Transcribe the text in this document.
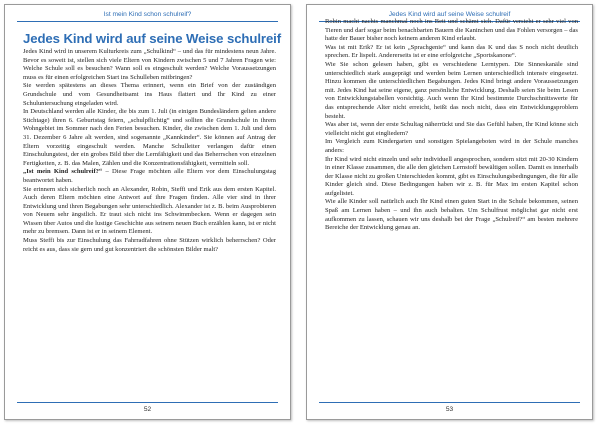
Ist mein Kind schon schulreif?
Jedes Kind wird auf seine Weise schulreif

Jedes Kind wird in unserem Kulturkreis zum „Schulkind“ – und das für mindestens neun Jahre. Bevor es soweit ist, stellen sich viele Eltern von Kindern zwischen 5 und 7 Jahren Fragen wie: Welche Schule soll es besuchen? Wann soll es eingeschult werden? Welche Voraussetzungen muss es für einen erfolgreichen Start ins Schulleben mitbringen?

Sie werden spätestens an dieses Thema erinnert, wenn ein Brief von der zuständigen Grundschule und vom Gesundheitsamt ins Haus flattert und Ihr Kind zu einer Schuluntersuchung eingeladen wird.

In Deutschland werden alle Kinder, die bis zum 1. Juli (in einigen Bundesländern gelten andere Stichtage) ihren 6. Geburtstag feiern, „schulpflichtig“ und sollten die Grundschule in ihrem Wohngebiet im Sommer nach den Ferien besuchen. Kinder, die zwischen dem 1. Juli und dem 31. Dezember 6 Jahre alt werden, sind sogenannte „Kannkinder“. Sie können auf Antrag der Eltern vorzeitig eingeschult werden. Manche Schulleiter verlangen dafür einen Einschulungstest, der ein grobes Bild über die Lernfähigkeit und das Beherrschen von einzelnen Fertigkeiten, z. B. das Malen, Zählen und die Konzentrationsfähigkeit, vermitteln soll.

„Ist mein Kind schulreif?“ – Diese Frage möchten alle Eltern vor dem Einschulungstag beantwortet haben.

Sie erinnern sich sicherlich noch an Alexander, Robin, Steffi und Erik aus dem ersten Kapitel. Auch deren Eltern möchten eine Antwort auf ihre Fragen finden. Alle vier sind in ihrer Entwicklung und ihren Begabungen sehr unterschiedlich. Alexander ist z. B. beim Ausprobieren von Neuem sehr ängstlich. Er traut sich nicht ins Schwimmbecken. Wenn er dagegen sein Wissen über Autos und die lustige Geschichte aus seinem neuen Buch erzählen kann, ist er nicht mehr zu bremsen. Dann ist er in seinem Element.

Muss Steffi bis zur Einschulung das Fahrradfahren ohne Stützen wirklich beherrschen? Oder reicht es aus, dass sie gern und gut konzentriert die schönsten Bilder malt?

52
Jedes Kind wird auf seine Weise schulreif

Robin macht nachts manchmal noch ins Bett und schämt sich. Dafür versteht er sehr viel von Tieren und darf sogar beim benachbarten Bauern die Kaninchen und das Fohlen versorgen – das hatte der Bauer bisher noch keinem anderen Kind erlaubt.

Was ist mit Erik? Er ist kein „Sprachgenie“ und kann das K und das S noch nicht deutlich sprechen. Er lispelt. Andererseits ist er eine erfolgreiche „Sportskanone“.

Wie Sie schon gelesen haben, gibt es verschiedene Lerntypen. Die Sinneskanäle sind unterschiedlich stark ausgeprägt und werden beim Lernen unterschiedlich intensiv eingesetzt. Hinzu kommen die unterschiedlichen Begabungen. Jedes Kind bringt andere Voraussetzungen mit. Jedes Kind hat seine eigene, ganz persönliche Entwicklung. Deshalb seien Sie beim Lesen von Entwicklungstabellen vorsichtig. Auch wenn Ihr Kind bestimmte Durchschnittswerte für das entsprechende Alter nicht erreicht, heißt das noch nicht, dass ein Entwicklungsproblem besteht.

Was aber ist, wenn der erste Schultag näherrückt und Sie das Gefühl haben, Ihr Kind könne sich vielleicht nicht gut eingliedern?

Im Vergleich zum Kindergarten und sonstigen Spielangeboten wird in der Schule manches anders:

Ihr Kind wird nicht einzeln und sehr individuell angesprochen, sondern sitzt mit 20-30 Kindern in einer Klasse zusammen, die alle den gleichen Lernstoff bewältigen sollen. Damit es innerhalb der Klasse nicht zu großen Unterschieden kommt, gibt es Einschulungsbedingungen, die für alle Kinder gleich sind. Diese Bedingungen haben wir z. B. für Max im ersten Kapitel schon aufgelistet.

Wie alle Kinder soll natürlich auch Ihr Kind einen guten Start in die Schule bekommen, seinen Spaß am Lernen haben – und ihn auch behalten. Um Schulfrust möglichst gar nicht erst aufkommen zu lassen, schauen wir uns deshalb bei der Frage „Schulreif?“ am besten mehrere Bereiche der Entwicklung genau an.

53
